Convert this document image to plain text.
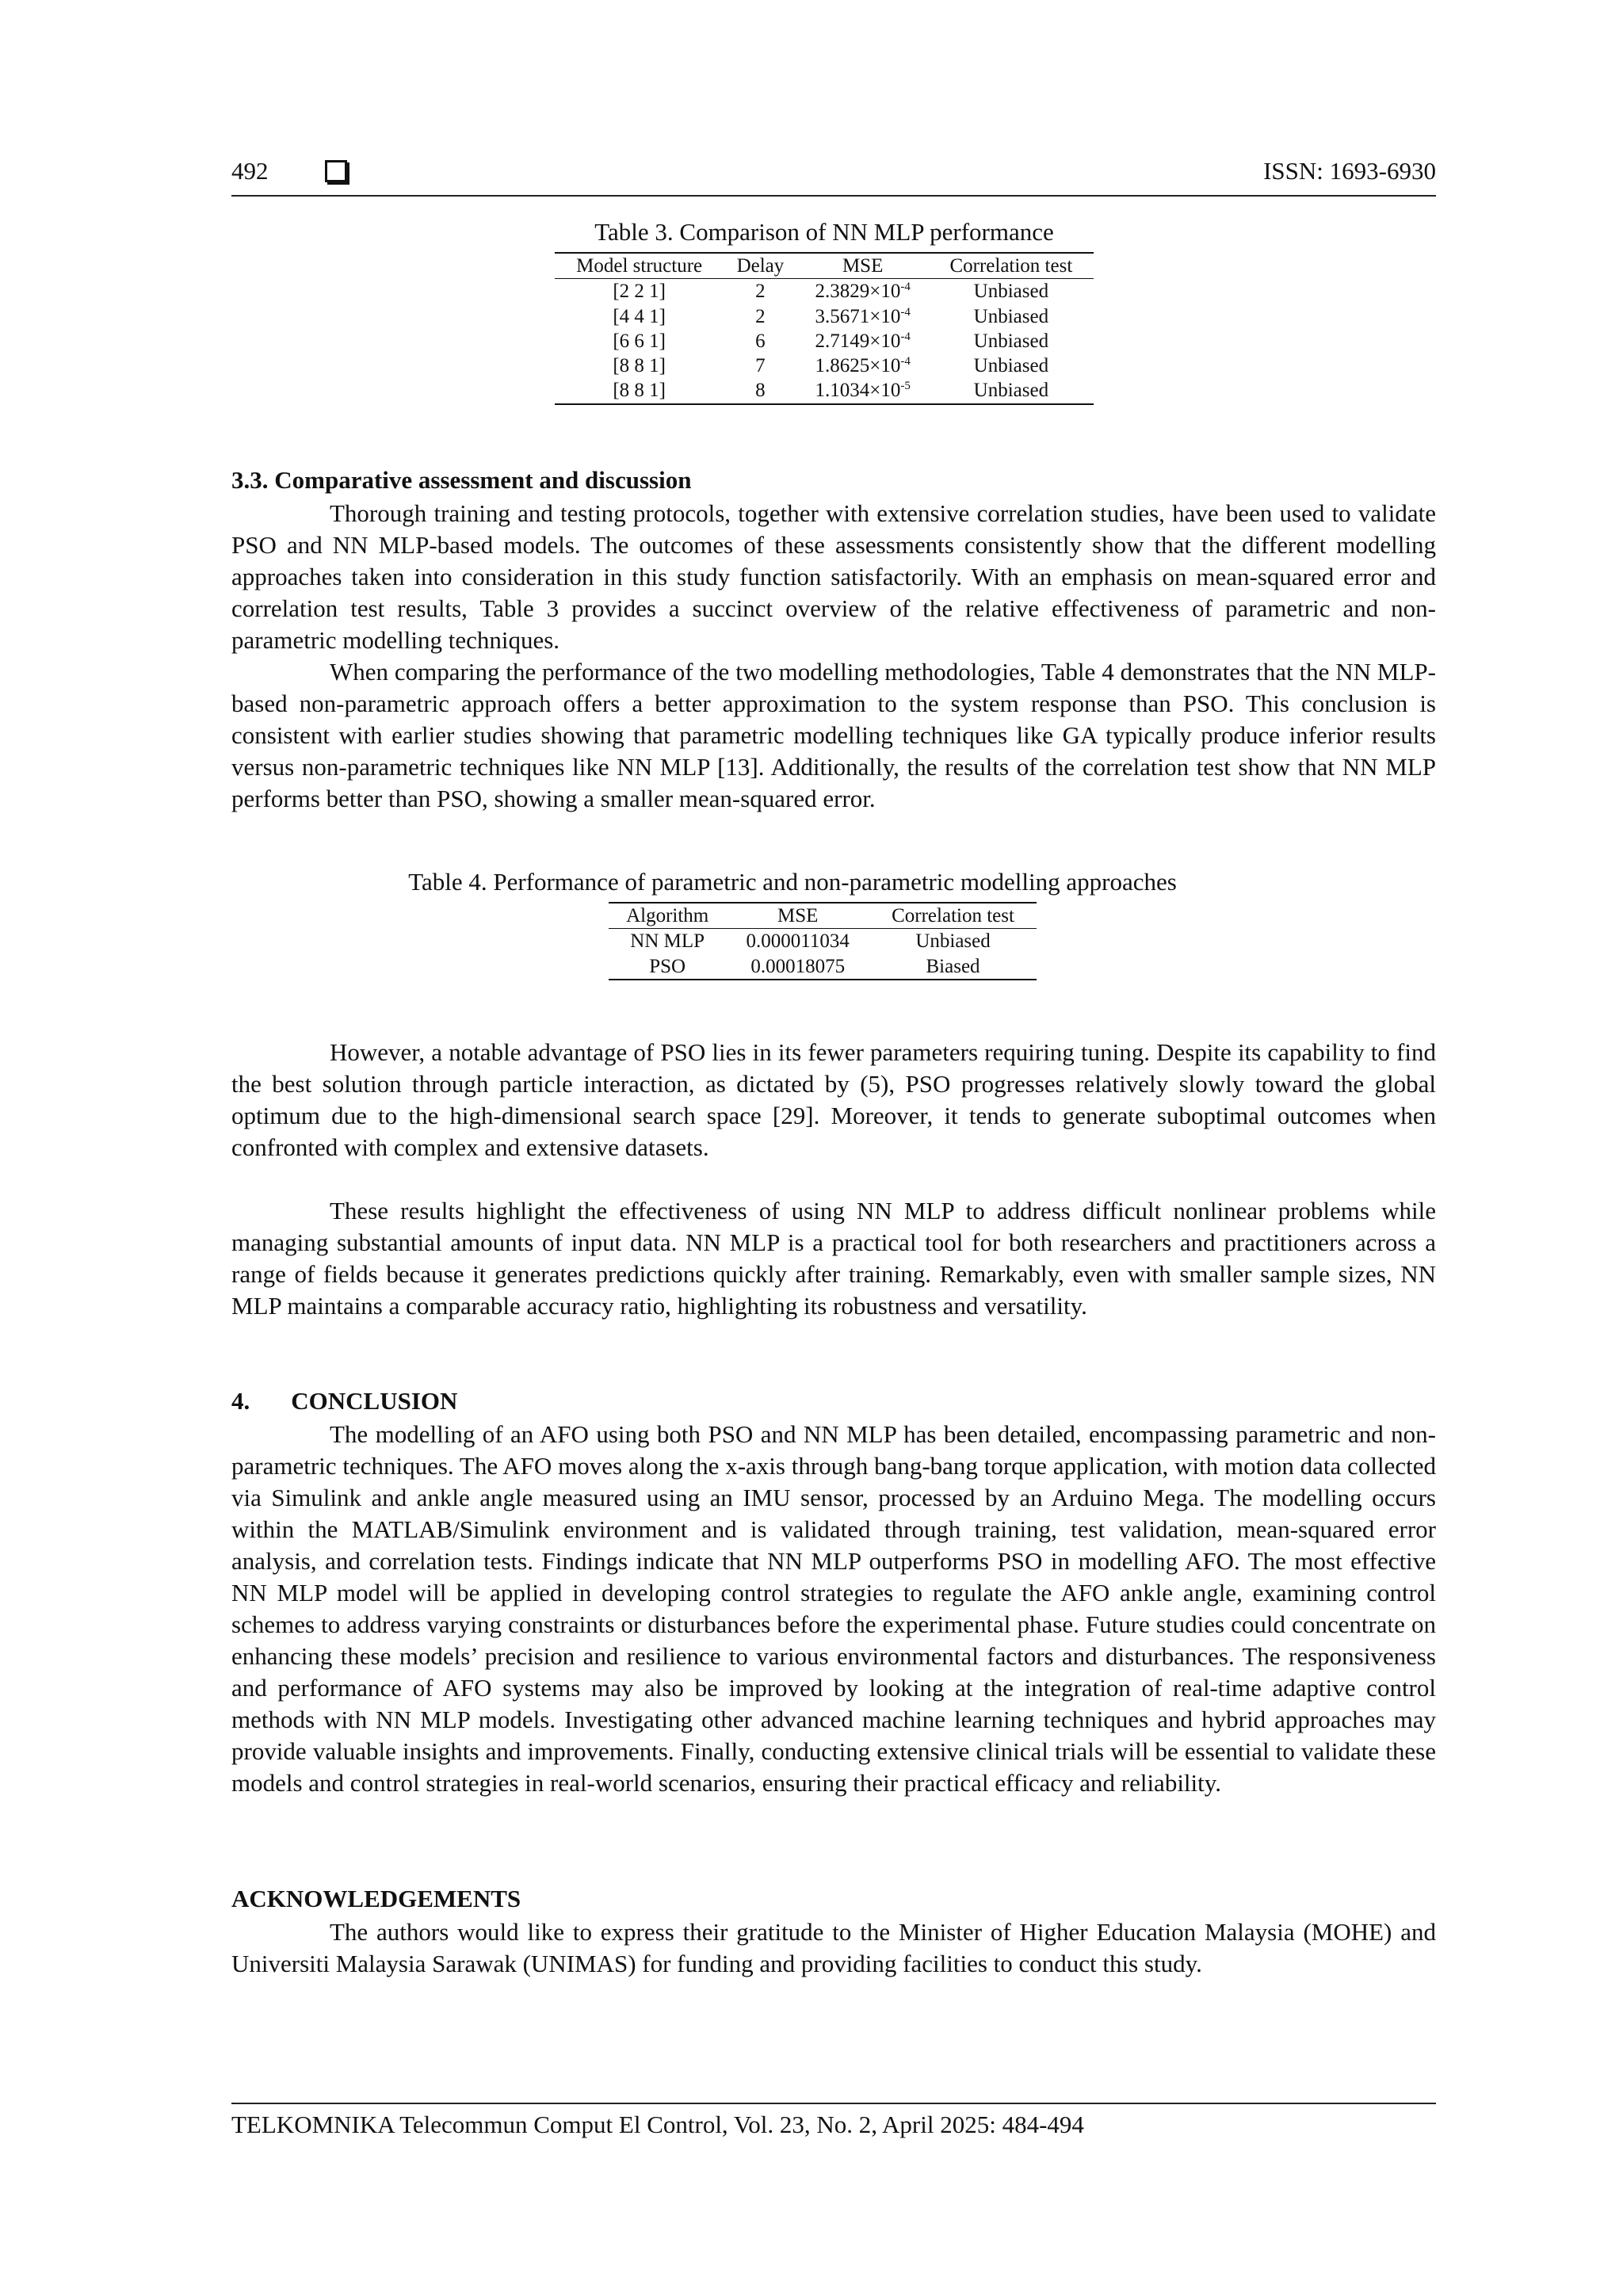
492	ISSN: 1693-6930
Table 3. Comparison of NN MLP performance
Model structure	Delay	MSE	Correlation test
[2 2 1]	2	$2.3829\times 10^{-4}$	Unbiased
[4 4 1]	2	$3.5671\times 10^{-4}$	Unbiased
[6 6 1]	6	$2.7149\times 10^{-4}$	Unbiased
[8 8 1]	7	$1.8625\times 10^{-4}$	Unbiased
[8 8 1]	8	$1.1034\times 10^{-5}$	Unbiased
3.3. Comparative assessment and discussion

Thorough training and testing protocols, together with extensive correlation studies, have been used to validate PSO and NN MLP-based models. The outcomes of these assessments consistently show that the different modelling approaches taken into consideration in this study function satisfactorily. With an emphasis on mean-squared error and correlation test results, Table 3 provides a succinct overview of the relative effectiveness of parametric and non-parametric modelling techniques.

When comparing the performance of the two modelling methodologies, Table 4 demonstrates that the NN MLP-based non-parametric approach offers a better approximation to the system response than PSO. This conclusion is consistent with earlier studies showing that parametric modelling techniques like GA typically produce inferior results versus non-parametric techniques like NN MLP [13]. Additionally, the results of the correlation test show that NN MLP performs better than PSO, showing a smaller mean-squared error.

Table 4. Performance of parametric and non-parametric modelling approaches
Algorithm	MSE	Correlation test
NN MLP	0.000011034	Unbiased
PSO	0.00018075	Biased

However, a notable advantage of PSO lies in its fewer parameters requiring tuning. Despite its capability to find the best solution through particle interaction, as dictated by (5), PSO progresses relatively slowly toward the global optimum due to the high-dimensional search space [29]. Moreover, it tends to generate suboptimal outcomes when confronted with complex and extensive datasets.

These results highlight the effectiveness of using NN MLP to address difficult nonlinear problems while managing substantial amounts of input data. NN MLP is a practical tool for both researchers and practitioners across a range of fields because it generates predictions quickly after training. Remarkably, even with smaller sample sizes, NN MLP maintains a comparable accuracy ratio, highlighting its robustness and versatility.

4. CONCLUSION

The modelling of an AFO using both PSO and NN MLP has been detailed, encompassing parametric and non-parametric techniques. The AFO moves along the x-axis through bang-bang torque application, with motion data collected via Simulink and ankle angle measured using an IMU sensor, processed by an Arduino Mega. The modelling occurs within the MATLAB/Simulink environment and is validated through training, test validation, mean-squared error analysis, and correlation tests. Findings indicate that NN MLP outperforms PSO in modelling AFO. The most effective NN MLP model will be applied in developing control strategies to regulate the AFO ankle angle, examining control schemes to address varying constraints or disturbances before the experimental phase. Future studies could concentrate on enhancing these models’ precision and resilience to various environmental factors and disturbances. The responsiveness and performance of AFO systems may also be improved by looking at the integration of real-time adaptive control methods with NN MLP models. Investigating other advanced machine learning techniques and hybrid approaches may provide valuable insights and improvements. Finally, conducting extensive clinical trials will be essential to validate these models and control strategies in real-world scenarios, ensuring their practical efficacy and reliability.

ACKNOWLEDGEMENTS

The authors would like to express their gratitude to the Minister of Higher Education Malaysia (MOHE) and Universiti Malaysia Sarawak (UNIMAS) for funding and providing facilities to conduct this study.

TELKOMNIKA Telecommun Comput El Control, Vol. 23, No. 2, April 2025: 484-494
